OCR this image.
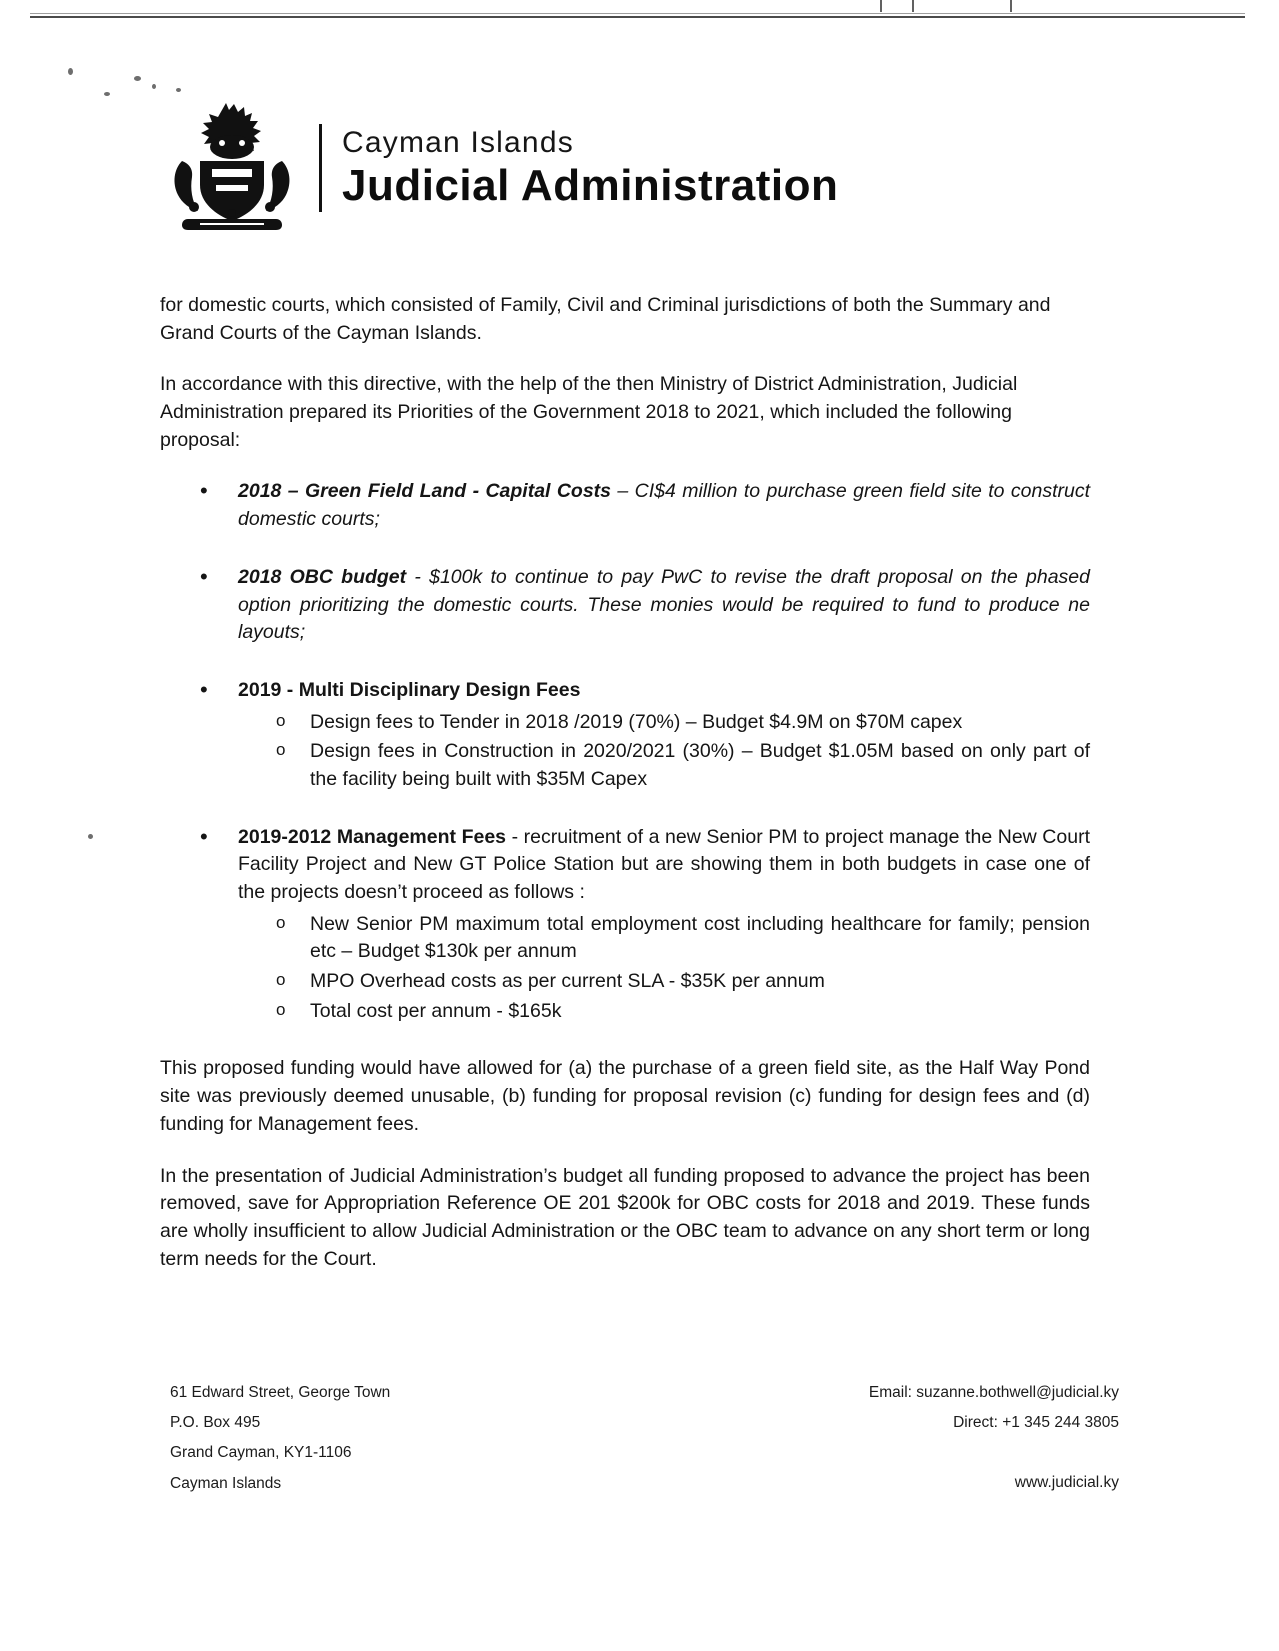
Cayman Islands
Judicial Administration

for domestic courts, which consisted of Family, Civil and Criminal jurisdictions of both the Summary and Grand Courts of the Cayman Islands.

In accordance with this directive, with the help of the then Ministry of District Administration, Judicial Administration prepared its Priorities of the Government 2018 to 2021, which included the following proposal:

• 2018 – Green Field Land - Capital Costs – CI$4 million to purchase green field site to construct domestic courts;
• 2018 OBC budget - $100k to continue to pay PwC to revise the draft proposal on the phased option prioritizing the domestic courts. These monies would be required to fund to produce ne layouts;
• 2019 - Multi Disciplinary Design Fees
o Design fees to Tender in 2018 /2019 (70%) – Budget $4.9M on $70M capex
o Design fees in Construction in 2020/2021 (30%) – Budget $1.05M based on only part of the facility being built with $35M Capex
• 2019-2012 Management Fees - recruitment of a new Senior PM to project manage the New Court Facility Project and New GT Police Station but are showing them in both budgets in case one of the projects doesn’t proceed as follows :
o New Senior PM maximum total employment cost including healthcare for family; pension etc – Budget $130k per annum
o MPO Overhead costs as per current SLA - $35K per annum
o Total cost per annum - $165k

This proposed funding would have allowed for (a) the purchase of a green field site, as the Half Way Pond site was previously deemed unusable, (b) funding for proposal revision (c) funding for design fees and (d) funding for Management fees.

In the presentation of Judicial Administration’s budget all funding proposed to advance the project has been removed, save for Appropriation Reference OE 201 $200k for OBC costs for 2018 and 2019. These funds are wholly insufficient to allow Judicial Administration or the OBC team to advance on any short term or long term needs for the Court.

61 Edward Street, George Town
P.O. Box 495
Grand Cayman, KY1-1106
Cayman Islands
Email: suzanne.bothwell@judicial.ky
Direct: +1 345 244 3805
www.judicial.ky
